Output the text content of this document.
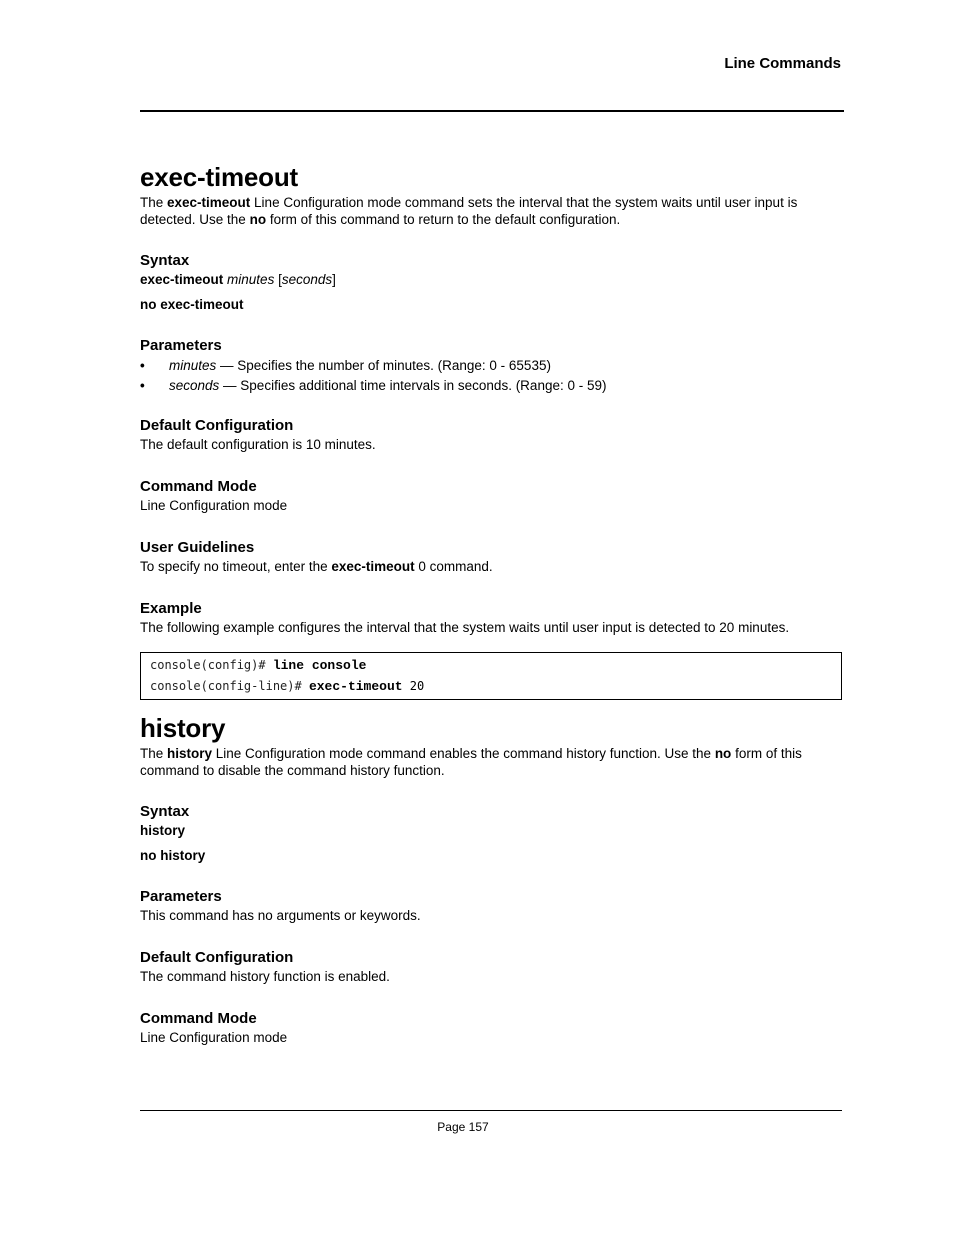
Line Commands
exec-timeout

The exec-timeout Line Configuration mode command sets the interval that the system waits until user input is detected. Use the no form of this command to return to the default configuration.

Syntax

exec-timeout minutes [seconds]

no exec-timeout

Parameters
• minutes — Specifies the number of minutes. (Range: 0 - 65535)
• seconds — Specifies additional time intervals in seconds. (Range: 0 - 59)
Default Configuration

The default configuration is 10 minutes.

Command Mode

Line Configuration mode

User Guidelines

To specify no timeout, enter the exec-timeout 0 command.

Example

The following example configures the interval that the system waits until user input is detected to 20 minutes.

console(config)# line console
console(config-line)# exec-timeout 20
history

The history Line Configuration mode command enables the command history function. Use the no form of this command to disable the command history function.

Syntax

history

no history

Parameters

This command has no arguments or keywords.

Default Configuration

The command history function is enabled.

Command Mode

Line Configuration mode

Page 157
